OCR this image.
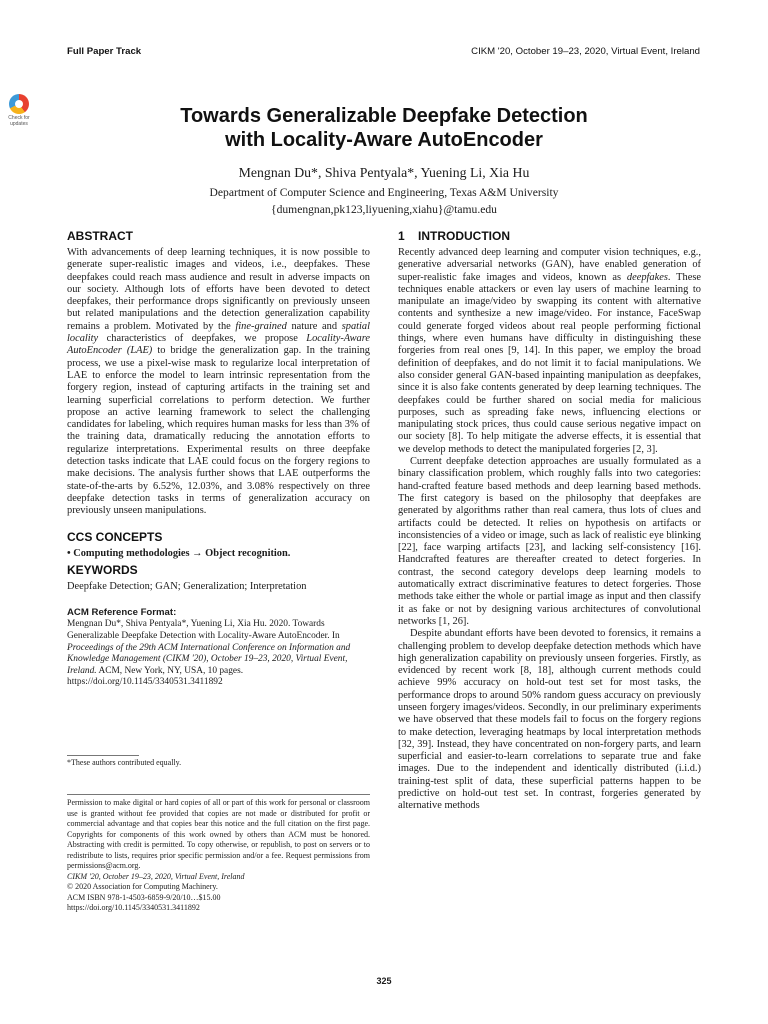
Full Paper Track	CIKM '20, October 19–23, 2020, Virtual Event, Ireland
Check for
updates	Towards Generalizable Deepfake Detection
with Locality-Aware AutoEncoder
Mengnan Du*, Shiva Pentyala*, Yuening Li, Xia Hu
Department of Computer Science and Engineering, Texas A&M University
{dumengnan,pk123,liyuening,xiahu}@tamu.edu
ABSTRACT

With advancements of deep learning techniques, it is now possible to generate super-realistic images and videos, i.e., deepfakes. These deepfakes could reach mass audience and result in adverse impacts on our society. Although lots of efforts have been devoted to detect deepfakes, their performance drops significantly on previously unseen but related manipulations and the detection generalization capability remains a problem. Motivated by the fine-grained nature and spatial locality characteristics of deepfakes, we propose Locality-Aware AutoEncoder (LAE) to bridge the generalization gap. In the training process, we use a pixel-wise mask to regularize local interpretation of LAE to enforce the model to learn intrinsic representation from the forgery region, instead of capturing artifacts in the training set and learning superficial correlations to perform detection. We further propose an active learning framework to select the challenging candidates for labeling, which requires human masks for less than 3% of the training data, dramatically reducing the annotation efforts to regularize interpretations. Experimental results on three deepfake detection tasks indicate that LAE could focus on the forgery regions to make decisions. The analysis further shows that LAE outperforms the state-of-the-arts by 6.52%, 12.03%, and 3.08% respectively on three deepfake detection tasks in terms of generalization accuracy on previously unseen manipulations.

CCS CONCEPTS
• Computing methodologies → Object recognition.
KEYWORDS
Deepfake Detection; GAN; Generalization; Interpretation
ACM Reference Format:
Mengnan Du*, Shiva Pentyala*, Yuening Li, Xia Hu. 2020. Towards Generalizable Deepfake Detection with Locality-Aware AutoEncoder. In Proceedings of the 29th ACM International Conference on Information and Knowledge Management (CIKM '20), October 19–23, 2020, Virtual Event, Ireland. ACM, New York, NY, USA, 10 pages. https://doi.org/10.1145/3340531.3411892
*These authors contributed equally.
Permission to make digital or hard copies of all or part of this work for personal or classroom use is granted without fee provided that copies are not made or distributed for profit or commercial advantage and that copies bear this notice and the full citation on the first page. Copyrights for components of this work owned by others than ACM must be honored. Abstracting with credit is permitted. To copy otherwise, or republish, to post on servers or to redistribute to lists, requires prior specific permission and/or a fee. Request permissions from permissions@acm.org.
CIKM '20, October 19–23, 2020, Virtual Event, Ireland
© 2020 Association for Computing Machinery.
ACM ISBN 978-1-4503-6859-9/20/10…$15.00
https://doi.org/10.1145/3340531.3411892
1 INTRODUCTION

Recently advanced deep learning and computer vision techniques, e.g., generative adversarial networks (GAN), have enabled generation of super-realistic fake images and videos, known as deepfakes. These techniques enable attackers or even lay users of machine learning to manipulate an image/video by swapping its content with alternative contents and synthesize a new image/video. For instance, FaceSwap could generate forged videos about real people performing fictional things, where even humans have difficulty in distinguishing these forgeries from real ones [9, 14]. In this paper, we employ the broad definition of deepfakes, and do not limit it to facial manipulations. We also consider general GAN-based inpainting manipulation as deepfakes, since it is also fake contents generated by deep learning techniques. The deepfakes could be further shared on social media for malicious purposes, such as spreading fake news, influencing elections or manipulating stock prices, thus could cause serious negative impact on our society [8]. To help mitigate the adverse effects, it is essential that we develop methods to detect the manipulated forgeries [2, 3].

Current deepfake detection approaches are usually formulated as a binary classification problem, which roughly falls into two categories: hand-crafted feature based methods and deep learning based methods. The first category is based on the philosophy that deepfakes are generated by algorithms rather than real camera, thus lots of clues and artifacts could be detected. It relies on hypothesis on artifacts or inconsistencies of a video or image, such as lack of realistic eye blinking [22], face warping artifacts [23], and lacking self-consistency [16]. Handcrafted features are thereafter created to detect forgeries. In contrast, the second category develops deep learning models to automatically extract discriminative features to detect forgeries. Those methods take either the whole or partial image as input and then classify it as fake or not by designing various architectures of convolutional networks [1, 26].

Despite abundant efforts have been devoted to forensics, it remains a challenging problem to develop deepfake detection methods which have high generalization capability on previously unseen forgeries. Firstly, as evidenced by recent work [8, 18], although current methods could achieve 99% accuracy on hold-out test set for most tasks, the performance drops to around 50% random guess accuracy on previously unseen forgery images/videos. Secondly, in our preliminary experiments we have observed that these models fail to focus on the forgery regions to make detection, leveraging heatmaps by local interpretation methods [32, 39]. Instead, they have concentrated on non-forgery parts, and learn superficial and easier-to-learn correlations to separate true and fake images. Due to the independent and identically distributed (i.i.d.) training-test split of data, these superficial patterns happen to be predictive on hold-out test set. In contrast, forgeries generated by alternative methods

325
